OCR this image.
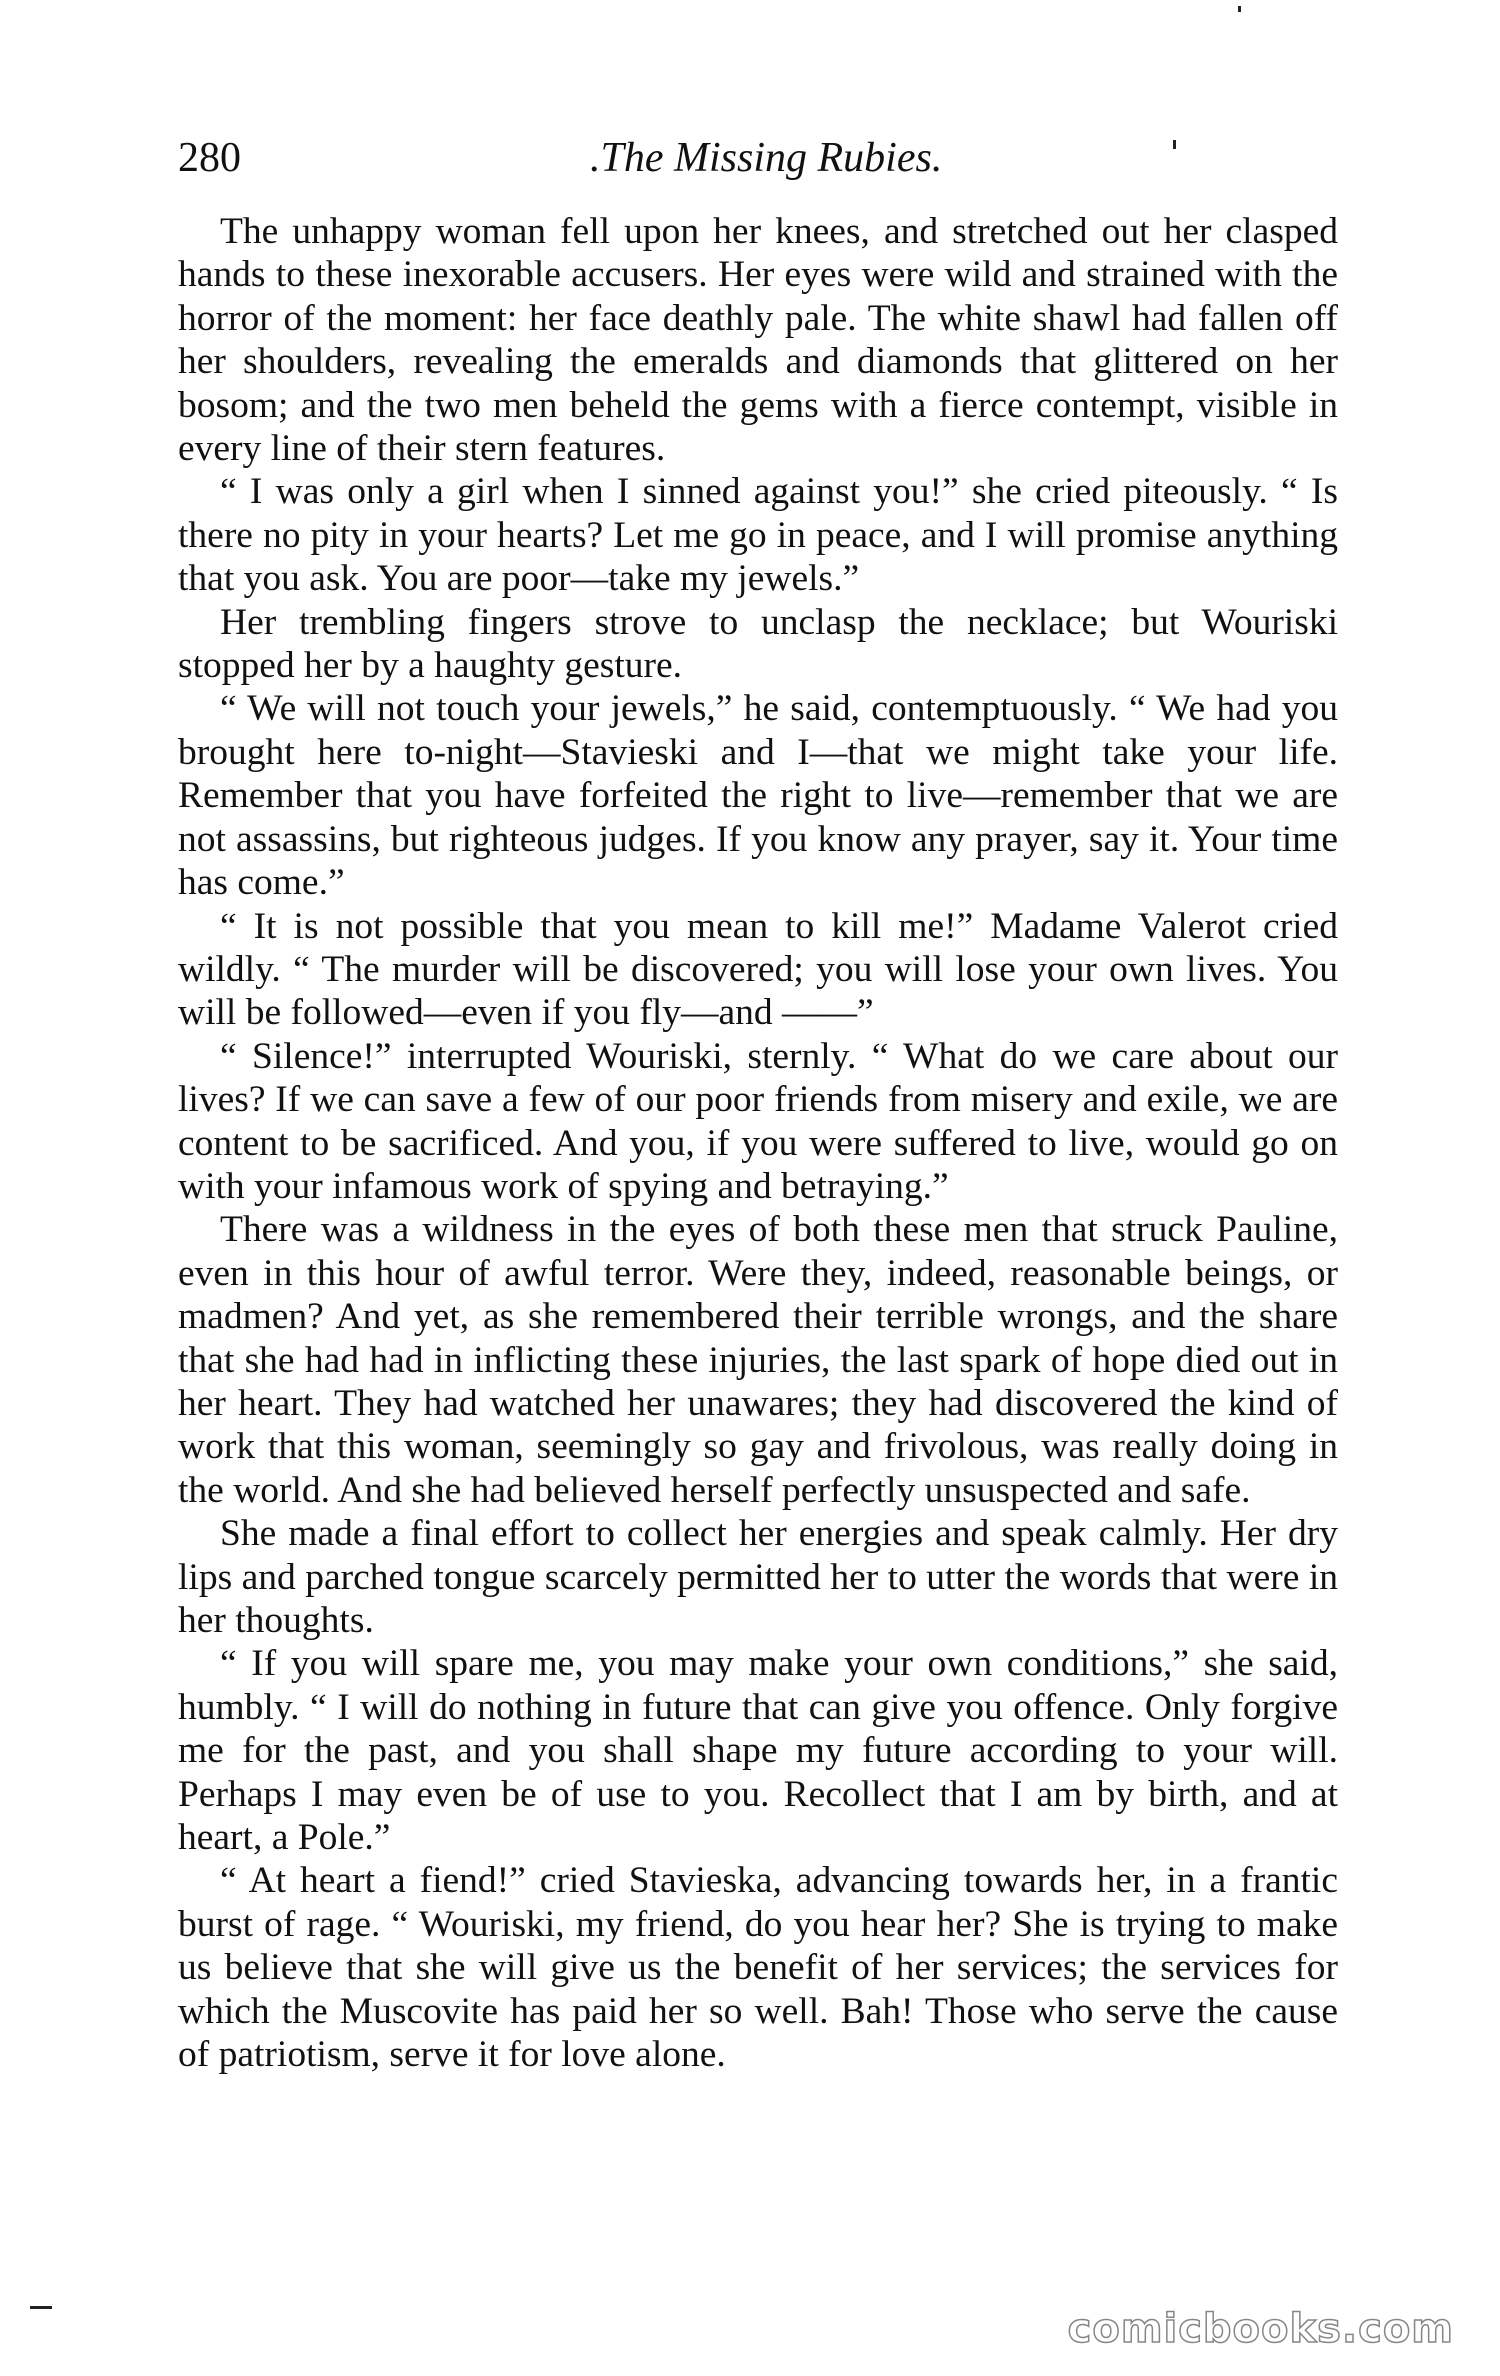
280	.The Missing Rubies.

The unhappy woman fell upon her knees, and stretched out her clasped hands to these inexorable accusers. Her eyes were wild and strained with the horror of the moment: her face deathly pale. The white shawl had fallen off her shoulders, revealing the emeralds and diamonds that glittered on her bosom; and the two men beheld the gems with a fierce contempt, visible in every line of their stern features.

“ I was only a girl when I sinned against you!” she cried piteously. “ Is there no pity in your hearts? Let me go in peace, and I will promise anything that you ask. You are poor—take my jewels.”

Her trembling fingers strove to unclasp the necklace; but Wouriski stopped her by a haughty gesture.

“ We will not touch your jewels,” he said, contemptuously. “ We had you brought here to-night—Stavieski and I—that we might take your life. Remember that you have forfeited the right to live—remember that we are not assassins, but righteous judges. If you know any prayer, say it. Your time has come.”

“ It is not possible that you mean to kill me!” Madame Valerot cried wildly. “ The murder will be discovered; you will lose your own lives. You will be followed—even if you fly—and ——”

“ Silence!” interrupted Wouriski, sternly. “ What do we care about our lives? If we can save a few of our poor friends from misery and exile, we are content to be sacrificed. And you, if you were suffered to live, would go on with your infamous work of spying and betraying.”

There was a wildness in the eyes of both these men that struck Pauline, even in this hour of awful terror. Were they, indeed, reasonable beings, or madmen? And yet, as she remembered their terrible wrongs, and the share that she had had in inflicting these injuries, the last spark of hope died out in her heart. They had watched her unawares; they had discovered the kind of work that this woman, seemingly so gay and frivolous, was really doing in the world. And she had believed herself perfectly unsuspected and safe.

She made a final effort to collect her energies and speak calmly. Her dry lips and parched tongue scarcely permitted her to utter the words that were in her thoughts.

“ If you will spare me, you may make your own conditions,” she said, humbly. “ I will do nothing in future that can give you offence. Only forgive me for the past, and you shall shape my future according to your will. Perhaps I may even be of use to you. Recollect that I am by birth, and at heart, a Pole.”

“ At heart a fiend!” cried Stavieska, advancing towards her, in a frantic burst of rage. “ Wouriski, my friend, do you hear her? She is trying to make us believe that she will give us the benefit of her services; the services for which the Muscovite has paid her so well. Bah! Those who serve the cause of patriotism, serve it for love alone.

comicbooks.com
